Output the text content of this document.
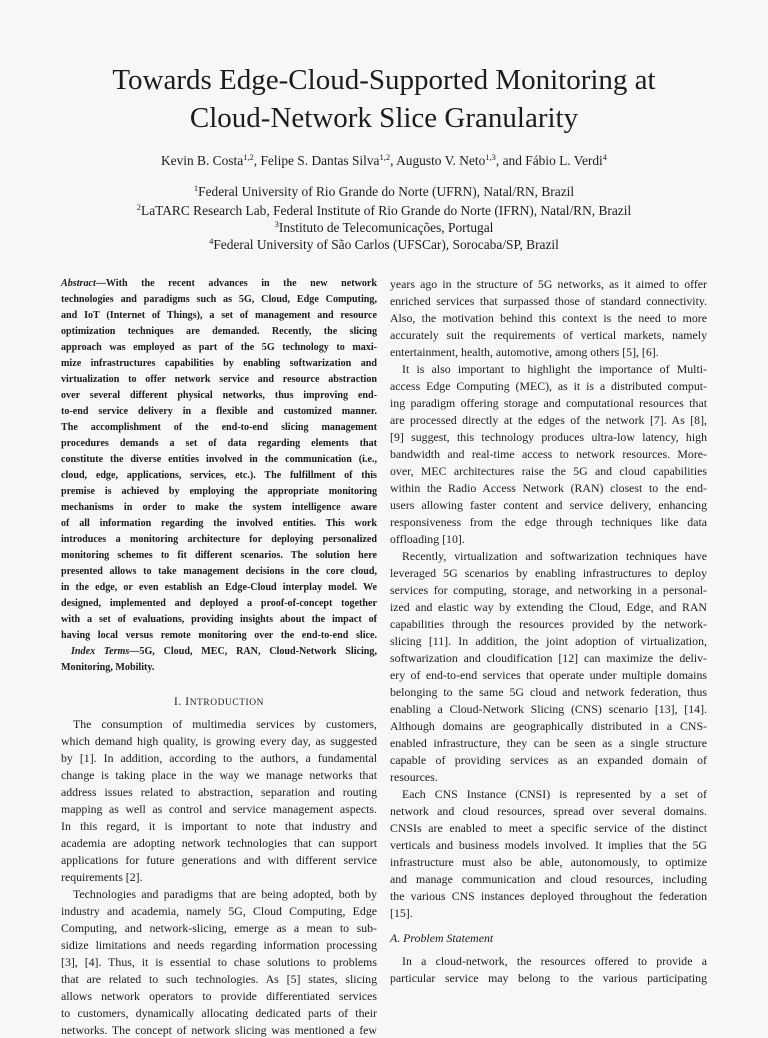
Towards Edge-Cloud-Supported Monitoring at
Cloud-Network Slice Granularity
Kevin B. Costa$^{1,2}$, Felipe S. Dantas Silva$^{1,2}$, Augusto V. Neto$^{1,3}$, and Fábio L. Verdi$^4$
$^1$Federal University of Rio Grande do Norte (UFRN), Natal/RN, Brazil
$^2$LaTARC Research Lab, Federal Institute of Rio Grande do Norte (IFRN), Natal/RN, Brazil
$^3$Instituto de Telecomunicações, Portugal
$^4$Federal University of São Carlos (UFSCar), Sorocaba/SP, Brazil
Abstract—With the recent advances in the new network
technologies and paradigms such as 5G, Cloud, Edge Computing,
and IoT (Internet of Things), a set of management and resource
optimization techniques are demanded. Recently, the slicing
approach was employed as part of the 5G technology to maxi-
mize infrastructures capabilities by enabling softwarization and
virtualization to offer network service and resource abstraction
over several different physical networks, thus improving end-
to-end service delivery in a flexible and customized manner.
The accomplishment of the end-to-end slicing management
procedures demands a set of data regarding elements that
constitute the diverse entities involved in the communication (i.e.,
cloud, edge, applications, services, etc.). The fulfillment of this
premise is achieved by employing the appropriate monitoring
mechanisms in order to make the system intelligence aware
of all information regarding the involved entities. This work
introduces a monitoring architecture for deploying personalized
monitoring schemes to fit different scenarios. The solution here
presented allows to take management decisions in the core cloud,
in the edge, or even establish an Edge-Cloud interplay model. We
designed, implemented and deployed a proof-of-concept together
with a set of evaluations, providing insights about the impact of
having local versus remote monitoring over the end-to-end slice.
Index Terms—5G, Cloud, MEC, RAN, Cloud-Network Slicing,
Monitoring, Mobility.
I. INTRODUCTION
The consumption of multimedia services by customers,
which demand high quality, is growing every day, as suggested
by [1]. In addition, according to the authors, a fundamental
change is taking place in the way we manage networks that
address issues related to abstraction, separation and routing
mapping as well as control and service management aspects.
In this regard, it is important to note that industry and
academia are adopting network technologies that can support
applications for future generations and with different service
requirements [2].
Technologies and paradigms that are being adopted, both by
industry and academia, namely 5G, Cloud Computing, Edge
Computing, and network-slicing, emerge as a mean to sub-
sidize limitations and needs regarding information processing
[3], [4]. Thus, it is essential to chase solutions to problems
that are related to such technologies. As [5] states, slicing
allows network operators to provide differentiated services
to customers, dynamically allocating dedicated parts of their
networks. The concept of network slicing was mentioned a few
years ago in the structure of 5G networks, as it aimed to offer
enriched services that surpassed those of standard connectivity.
Also, the motivation behind this context is the need to more
accurately suit the requirements of vertical markets, namely
entertainment, health, automotive, among others [5], [6].
It is also important to highlight the importance of Multi-
access Edge Computing (MEC), as it is a distributed comput-
ing paradigm offering storage and computational resources that
are processed directly at the edges of the network [7]. As [8],
[9] suggest, this technology produces ultra-low latency, high
bandwidth and real-time access to network resources. More-
over, MEC architectures raise the 5G and cloud capabilities
within the Radio Access Network (RAN) closest to the end-
users allowing faster content and service delivery, enhancing
responsiveness from the edge through techniques like data
offloading [10].
Recently, virtualization and softwarization techniques have
leveraged 5G scenarios by enabling infrastructures to deploy
services for computing, storage, and networking in a personal-
ized and elastic way by extending the Cloud, Edge, and RAN
capabilities through the resources provided by the network-
slicing [11]. In addition, the joint adoption of virtualization,
softwarization and cloudification [12] can maximize the deliv-
ery of end-to-end services that operate under multiple domains
belonging to the same 5G cloud and network federation, thus
enabling a Cloud-Network Slicing (CNS) scenario [13], [14].
Although domains are geographically distributed in a CNS-
enabled infrastructure, they can be seen as a single structure
capable of providing services as an expanded domain of
resources.
Each CNS Instance (CNSI) is represented by a set of
network and cloud resources, spread over several domains.
CNSIs are enabled to meet a specific service of the distinct
verticals and business models involved. It implies that the 5G
infrastructure must also be able, autonomously, to optimize
and manage communication and cloud resources, including
the various CNS instances deployed throughout the federation
[15].
A. Problem Statement
In a cloud-network, the resources offered to provide a
particular service may belong to the various participating
